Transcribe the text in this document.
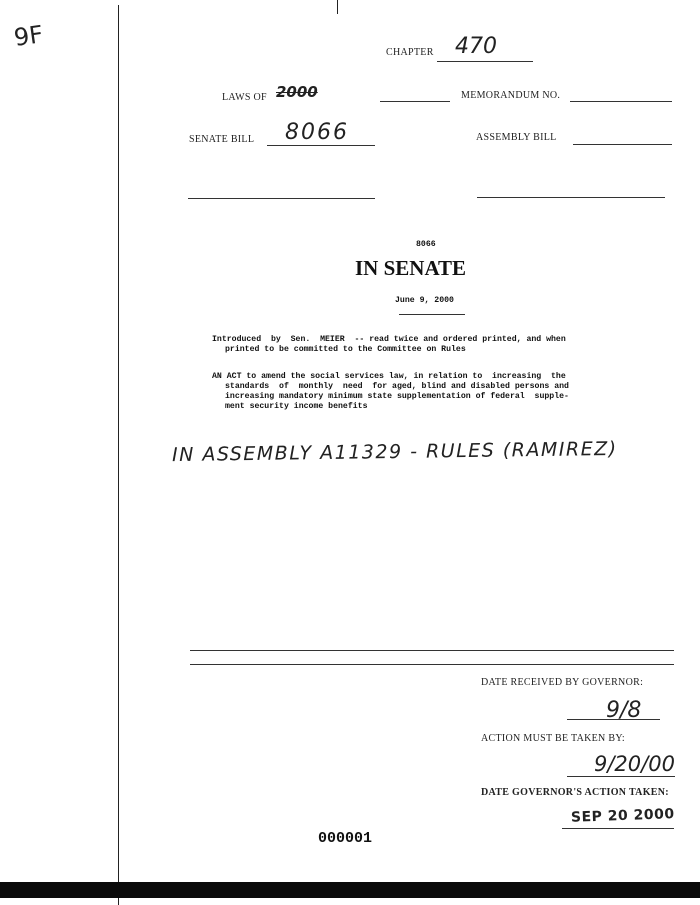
9F
CHAPTER 470
LAWS OF 2000	MEMORANDUM NO.
SENATE BILL 8066	ASSEMBLY BILL
8066
IN SENATE
June 9, 2000
Introduced  by  Sen.  MEIER  -- read twice and ordered printed, and when
printed to be committed to the Committee on Rules
AN ACT to amend the social services law, in relation to  increasing  the
standards  of  monthly  need  for aged, blind and disabled persons and
increasing mandatory minimum state supplementation of federal  supple-
ment security income benefits
IN ASSEMBLY A11329 - RULES (RAMIREZ)
DATE RECEIVED BY GOVERNOR:
9/8
ACTION MUST BE TAKEN BY:
9/20/00
DATE GOVERNOR'S ACTION TAKEN:
SEP 20 2000
000001
